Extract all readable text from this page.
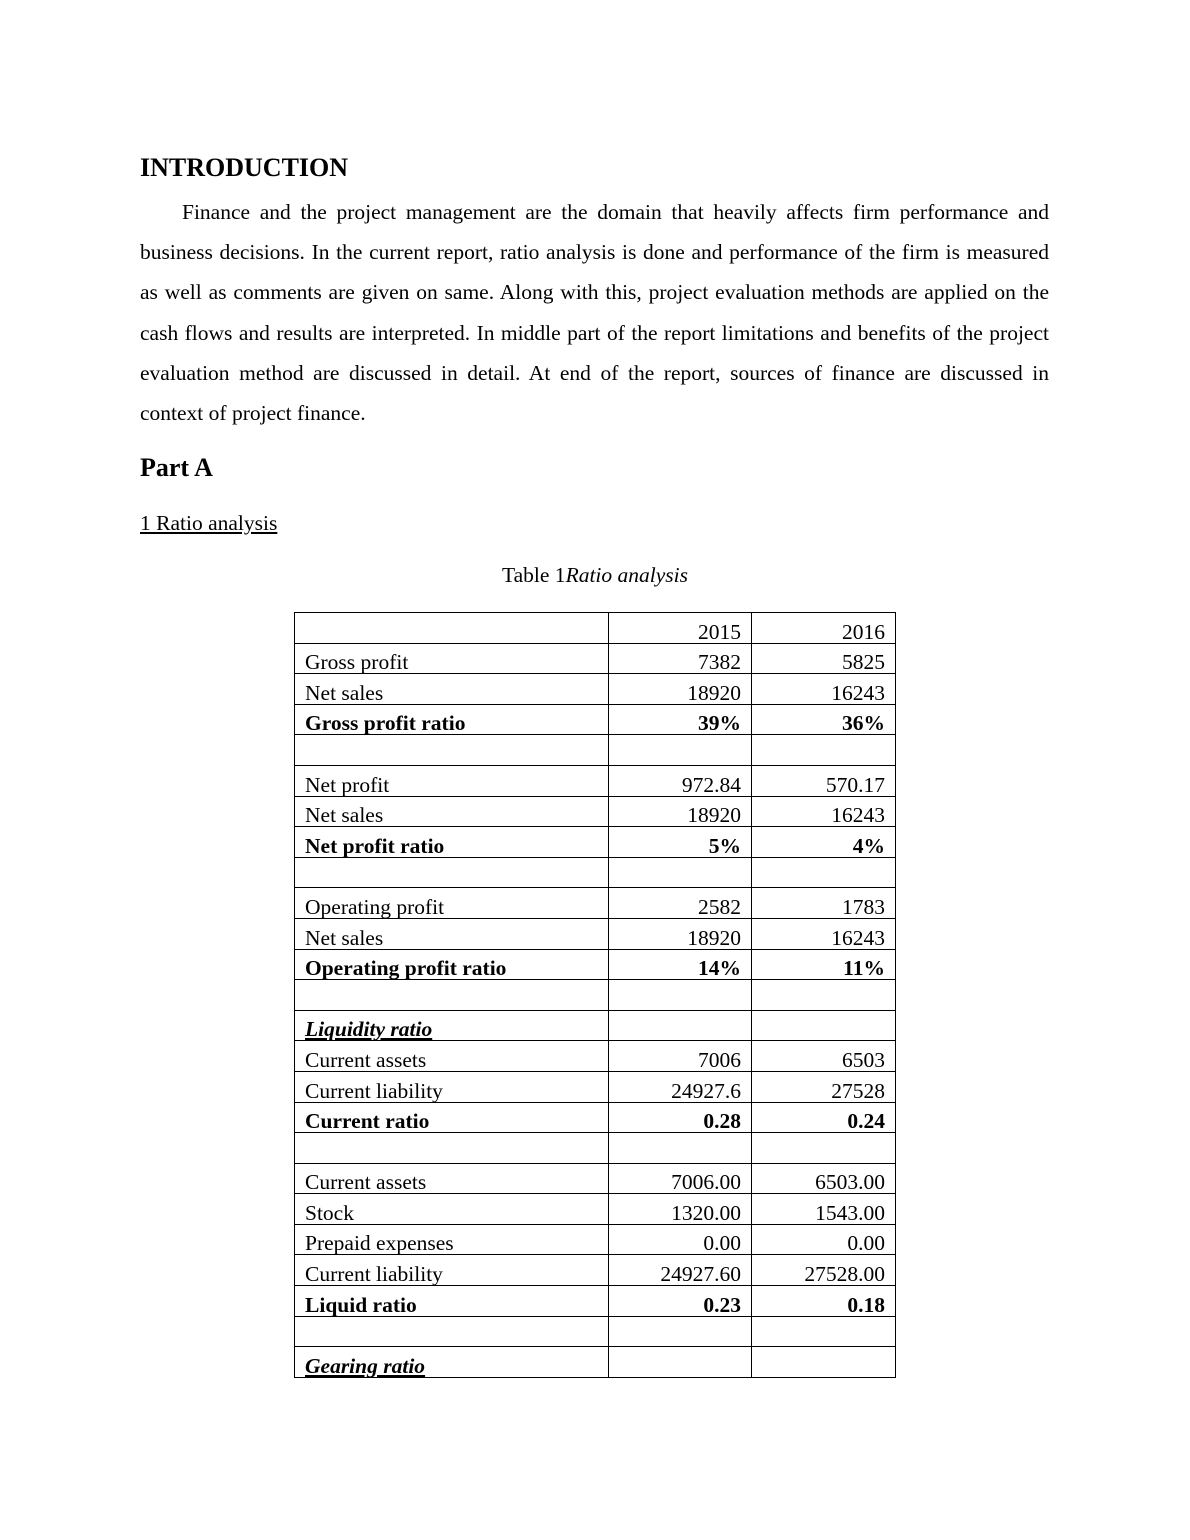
INTRODUCTION

Finance and the project management are the domain that heavily affects firm performance and business decisions. In the current report, ratio analysis is done and performance of the firm is measured as well as comments are given on same. Along with this, project evaluation methods are applied on the cash flows and results are interpreted. In middle part of the report limitations and benefits of the project evaluation method are discussed in detail. At end of the report, sources of finance are discussed in context of project finance.

Part A
1 Ratio analysis

Table 1Ratio analysis

	2015	2016
Gross profit	7382	5825
Net sales	18920	16243
Gross profit ratio	39%	36%

Net profit	972.84	570.17
Net sales	18920	16243
Net profit ratio	5%	4%

Operating profit	2582	1783
Net sales	18920	16243
Operating profit ratio	14%	11%

Liquidity ratio		
Current assets	7006	6503
Current liability	24927.6	27528
Current ratio	0.28	0.24

Current assets	7006.00	6503.00
Stock	1320.00	1543.00
Prepaid expenses	0.00	0.00
Current liability	24927.60	27528.00
Liquid ratio	0.23	0.18

Gearing ratio		
